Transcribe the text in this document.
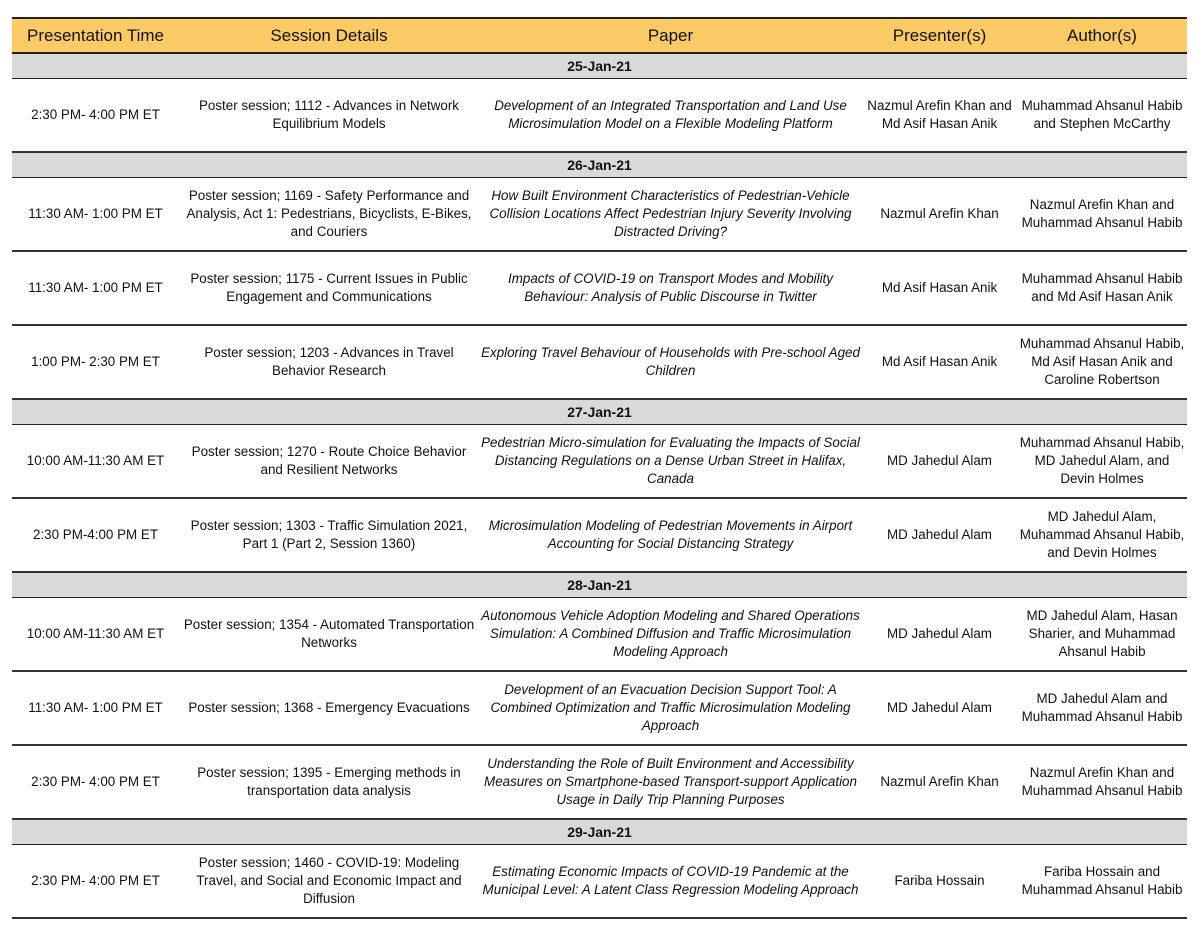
Presentation Time	Session Details	Paper	Presenter(s)	Author(s)
25-Jan-21				
2:30 PM- 4:00 PM ET	Poster session; 1112 - Advances in Network Equilibrium Models	Development of an Integrated Transportation and Land Use Microsimulation Model on a Flexible Modeling Platform	Nazmul Arefin Khan and Md Asif Hasan Anik	Muhammad Ahsanul Habib and Stephen McCarthy
26-Jan-21				
11:30 AM- 1:00 PM ET	Poster session; 1169 - Safety Performance and Analysis, Act 1: Pedestrians, Bicyclists, E-Bikes, and Couriers	How Built Environment Characteristics of Pedestrian-Vehicle Collision Locations Affect Pedestrian Injury Severity Involving Distracted Driving?	Nazmul Arefin Khan	Nazmul Arefin Khan and Muhammad Ahsanul Habib
11:30 AM- 1:00 PM ET	Poster session; 1175 - Current Issues in Public Engagement and Communications	Impacts of COVID-19 on Transport Modes and Mobility Behaviour: Analysis of Public Discourse in Twitter	Md Asif Hasan Anik	Muhammad Ahsanul Habib and Md Asif Hasan Anik
1:00 PM- 2:30 PM ET	Poster session; 1203 - Advances in Travel Behavior Research	Exploring Travel Behaviour of Households with Pre-school Aged Children	Md Asif Hasan Anik	Muhammad Ahsanul Habib, Md Asif Hasan Anik and Caroline Robertson
27-Jan-21				
10:00 AM-11:30 AM ET	Poster session; 1270 - Route Choice Behavior and Resilient Networks	Pedestrian Micro-simulation for Evaluating the Impacts of Social Distancing Regulations on a Dense Urban Street in Halifax, Canada	MD Jahedul Alam	Muhammad Ahsanul Habib, MD Jahedul Alam, and Devin Holmes
2:30 PM-4:00 PM ET	Poster session; 1303 - Traffic Simulation 2021, Part 1 (Part 2, Session 1360)	Microsimulation Modeling of Pedestrian Movements in Airport Accounting for Social Distancing Strategy	MD Jahedul Alam	MD Jahedul Alam, Muhammad Ahsanul Habib, and Devin Holmes
28-Jan-21				
10:00 AM-11:30 AM ET	Poster session; 1354 - Automated Transportation Networks	Autonomous Vehicle Adoption Modeling and Shared Operations Simulation: A Combined Diffusion and Traffic Microsimulation Modeling Approach	MD Jahedul Alam	MD Jahedul Alam, Hasan Sharier, and Muhammad Ahsanul Habib
11:30 AM- 1:00 PM ET	Poster session; 1368 - Emergency Evacuations	Development of an Evacuation Decision Support Tool: A Combined Optimization and Traffic Microsimulation Modeling Approach	MD Jahedul Alam	MD Jahedul Alam and Muhammad Ahsanul Habib
2:30 PM- 4:00 PM ET	Poster session; 1395 - Emerging methods in transportation data analysis	Understanding the Role of Built Environment and Accessibility Measures on Smartphone-based Transport-support Application Usage in Daily Trip Planning Purposes	Nazmul Arefin Khan	Nazmul Arefin Khan and Muhammad Ahsanul Habib
29-Jan-21				
2:30 PM- 4:00 PM ET	Poster session; 1460 - COVID-19: Modeling Travel, and Social and Economic Impact and Diffusion	Estimating Economic Impacts of COVID-19 Pandemic at the Municipal Level: A Latent Class Regression Modeling Approach	Fariba Hossain	Fariba Hossain and Muhammad Ahsanul Habib
